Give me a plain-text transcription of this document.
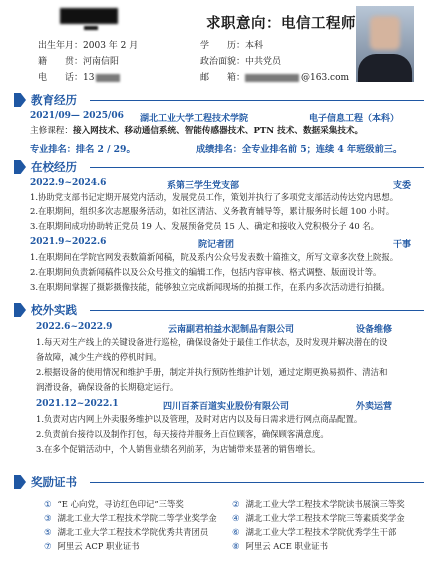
求职意向：电信工程师
出生年月：2003 年 2 月
籍　　贯：河南信阳
电　　话：13
学　　历：本科
政治面貌：中共党员
邮　　箱：	@163.com
教育经历
2021/09— 2025/06 湖北工业大学工程技术学院	电子信息工程（本科）
主修课程：接入网技术、移动通信系统、智能传感器技术、PTN 技术、数据采集技术。
专业排名：排名 2 / 29。	成绩排名：全专业排名前 5；连续 4 年班级前三。
在校经历
2022.9~2024.6	系第三学生党支部	支委
1.协助党支部书记定期开展党内活动，发展党员工作，策划并执行了多项党支部活动传达党内思想。
2.在职期间，组织多次志愿服务活动，如社区清洁、义务教育辅导等，累计服务时长超 100 小时。
3.在职期间成功协助转正党员 19 人、发展预备党员 15 人、确定和接收入党积极分子 40 名。
2021.9~2022.6	院记者团	干事
1.在职期间在学院官网发表数篇新闻稿，院及系内公众号发表数十篇推文，所写文章多次登上院报。
2.在职期间负责新闻稿件以及公众号推文的编辑工作，包括内容审核、格式调整、版面设计等。
3.在职期间掌握了摄影摄像技能，能够独立完成新闻现场的拍摄工作，在系内多次活动进行拍摄。
校外实践
2022.6~2022.9	云南副君柏益水泥制品有限公司	设备维修
1.每天对生产线上的关键设备进行巡检，确保设备处于最佳工作状态，及时发现并解决潜在的设
备故障，减少生产线的停机时间。
2.根据设备的使用情况和维护手册，制定并执行预防性维护计划，通过定期更换易损件、清洁和
润滑设备，确保设备的长期稳定运行。
2021.12~2022.1	四川百茶百道实业股份有限公司	外卖运营
1.负责对店内网上外卖服务维护以及管理，及时对店内以及每日需求进行网点商品配置。
2.负责前台接待以及制作打包，每天接待并服务上百位顾客，确保顾客满意度。
3.在多个促销活动中，个人销售业绩名列前茅，为店铺带来显著的销售增长。
奖励证书
① “E 心向党，寻访红色印记”三等奖	② 湖北工业大学工程技术学院读书展演三等奖
③ 湖北工业大学工程技术学院二等学业奖学金 ④ 湖北工业大学工程技术学院三等素质奖学金
⑤ 湖北工业大学工程技术学院优秀共青团员	⑥ 湖北工业大学工程技术学院优秀学生干部
⑦ 阿里云 ACP 职业证书	⑧ 阿里云 ACE 职业证书
